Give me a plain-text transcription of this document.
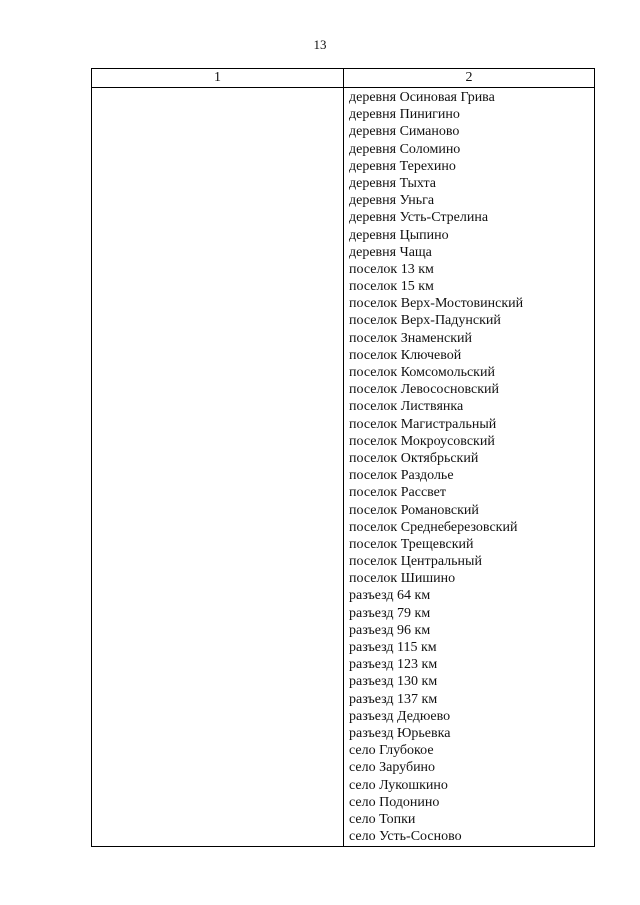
13
1	2
деревня Осиновая Грива
деревня Пинигино
деревня Симаново
деревня Соломино
деревня Терехино
деревня Тыхта
деревня Уньга
деревня Усть-Стрелина
деревня Цыпино
деревня Чаща
поселок 13 км
поселок 15 км
поселок Верх-Мостовинский
поселок Верх-Падунский
поселок Знаменский
поселок Ключевой
поселок Комсомольский
поселок Левососновский
поселок Листвянка
поселок Магистральный
поселок Мокроусовский
поселок Октябрьский
поселок Раздолье
поселок Рассвет
поселок Романовский
поселок Среднеберезовский
поселок Трещевский
поселок Центральный
поселок Шишино
разъезд 64 км
разъезд 79 км
разъезд 96 км
разъезд 115 км
разъезд 123 км
разъезд 130 км
разъезд 137 км
разъезд Дедюево
разъезд Юрьевка
село Глубокое
село Зарубино
село Лукошкино
село Подонино
село Топки
село Усть-Сосново
